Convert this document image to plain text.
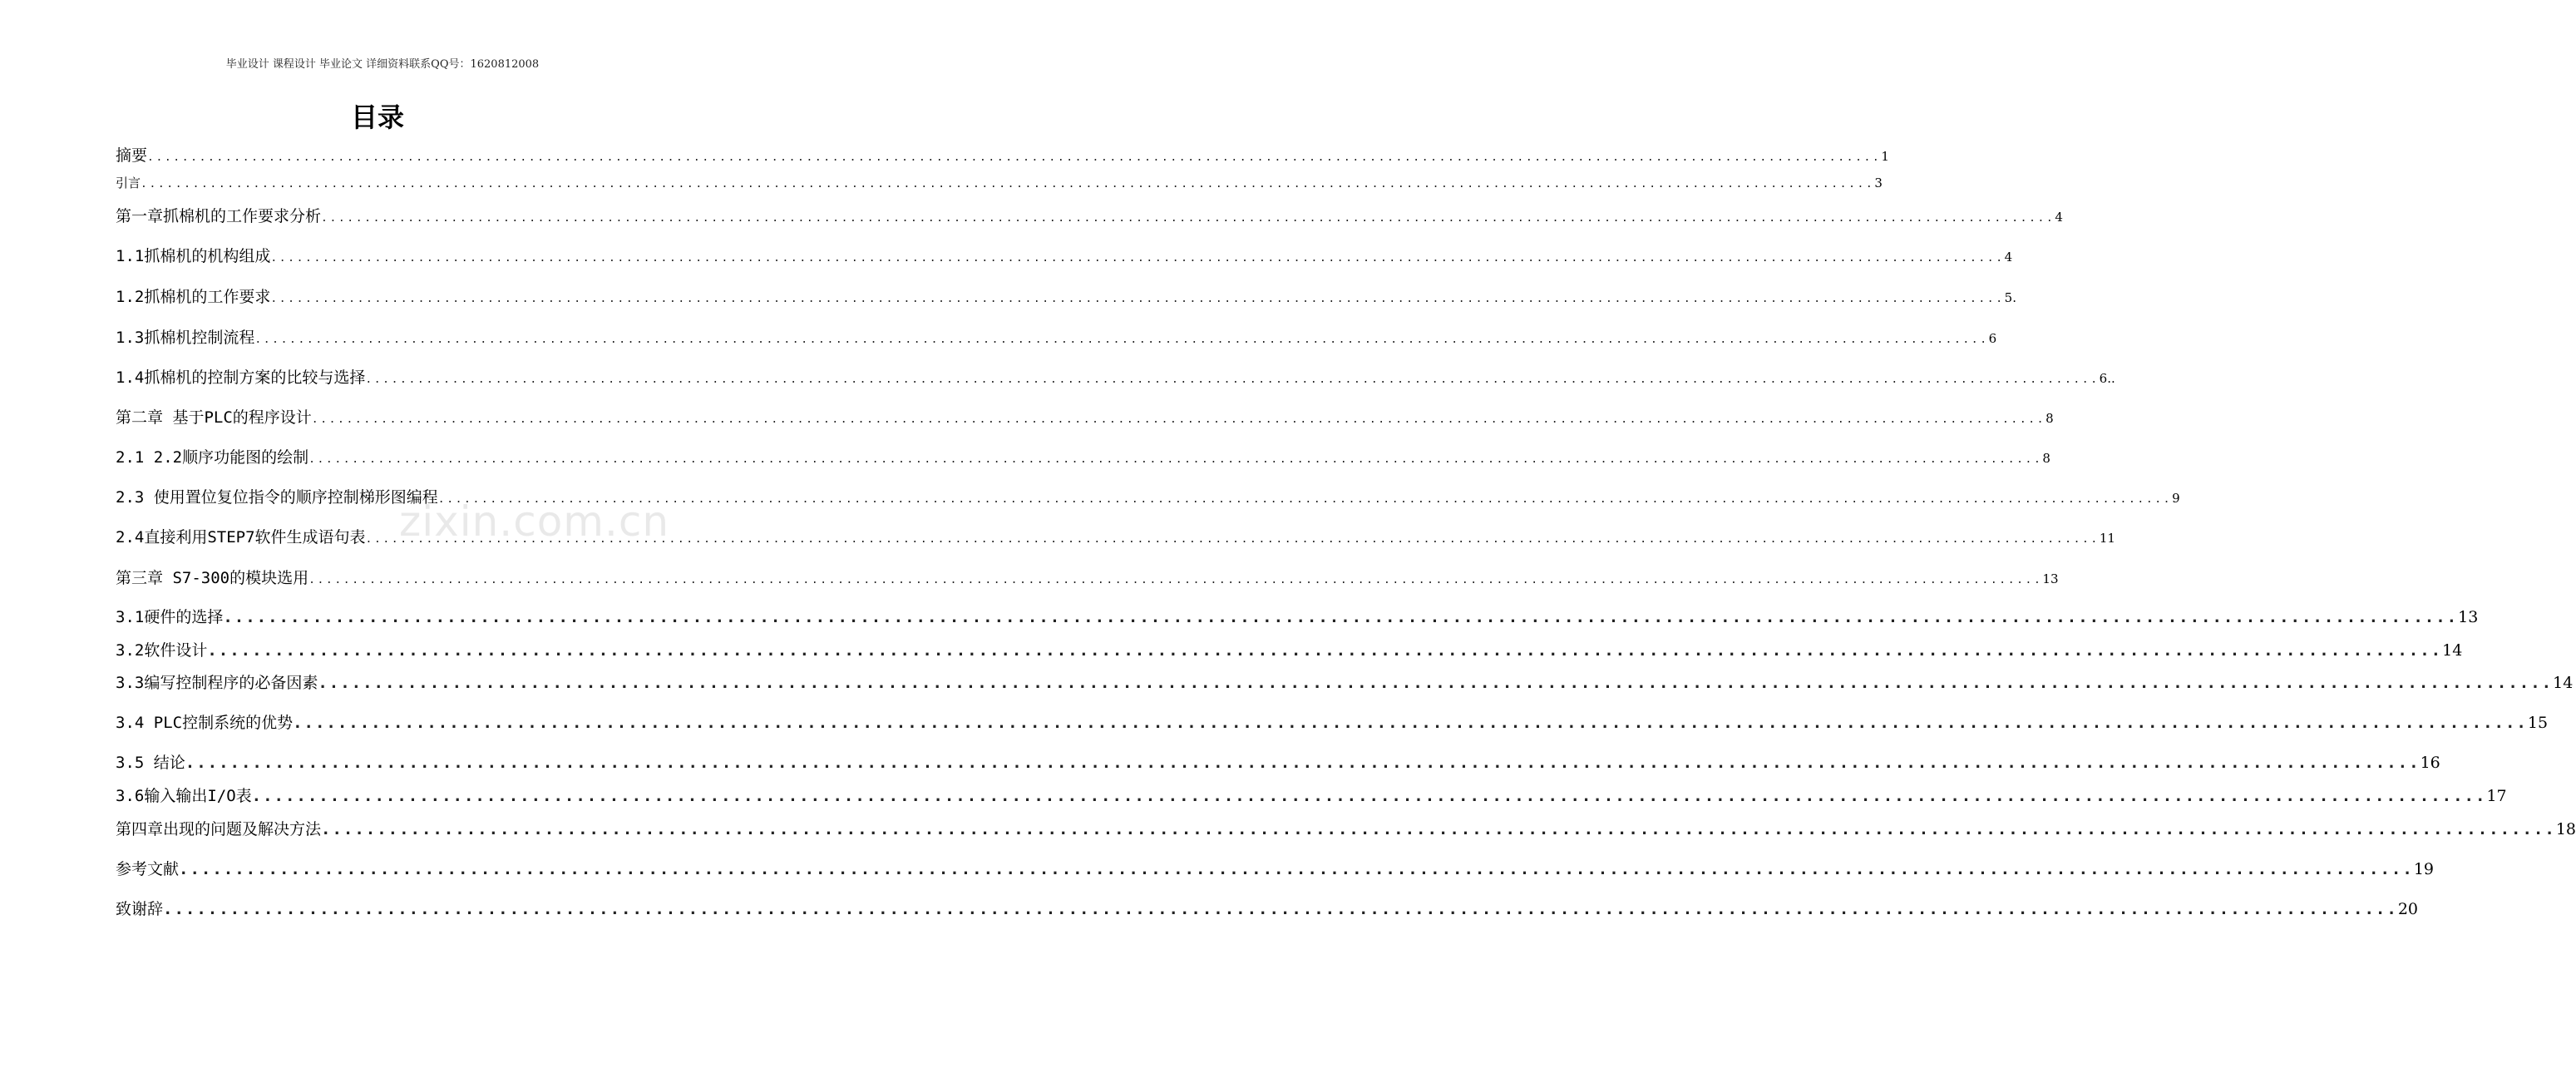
毕业设计 课程设计 毕业论文 详细资料联系QQ号：1620812008
目录
zixin.com.cn
摘要 ........................................................................................................................................................................................................ 1
引言 ........................................................................................................................................................................................................ 3
第一章抓棉机的工作要求分析 ........................................................................................................................................................................................................ 4
1.1抓棉机的机构组成 ........................................................................................................................................................................................................ 4
1.2抓棉机的工作要求 ........................................................................................................................................................................................................ 5.
1.3抓棉机控制流程 ........................................................................................................................................................................................................ 6
1.4抓棉机的控制方案的比较与选择 ........................................................................................................................................................................................................ 6..
第二章 基于PLC的程序设计 ........................................................................................................................................................................................................ 8
2.1 2.2顺序功能图的绘制 ........................................................................................................................................................................................................ 8
2.3 使用置位复位指令的顺序控制梯形图编程 ........................................................................................................................................................................................................ 9
2.4直接利用STEP7软件生成语句表 ........................................................................................................................................................................................................ 11
第三章 S7-300的模块选用 ........................................................................................................................................................................................................ 13
3.1硬件的选择 ........................................................................................................................................................................................................ 13
3.2软件设计 ........................................................................................................................................................................................................ 14
3.3编写控制程序的必备因素 ........................................................................................................................................................................................................ 14
3.4 PLC控制系统的优势 ........................................................................................................................................................................................................ 15
3.5 结论 ........................................................................................................................................................................................................ 16
3.6输入输出I/O表 ........................................................................................................................................................................................................ 17
第四章出现的问题及解决方法 ........................................................................................................................................................................................................ 18
参考文献 ........................................................................................................................................................................................................ 19
致谢辞 ........................................................................................................................................................................................................ 20
